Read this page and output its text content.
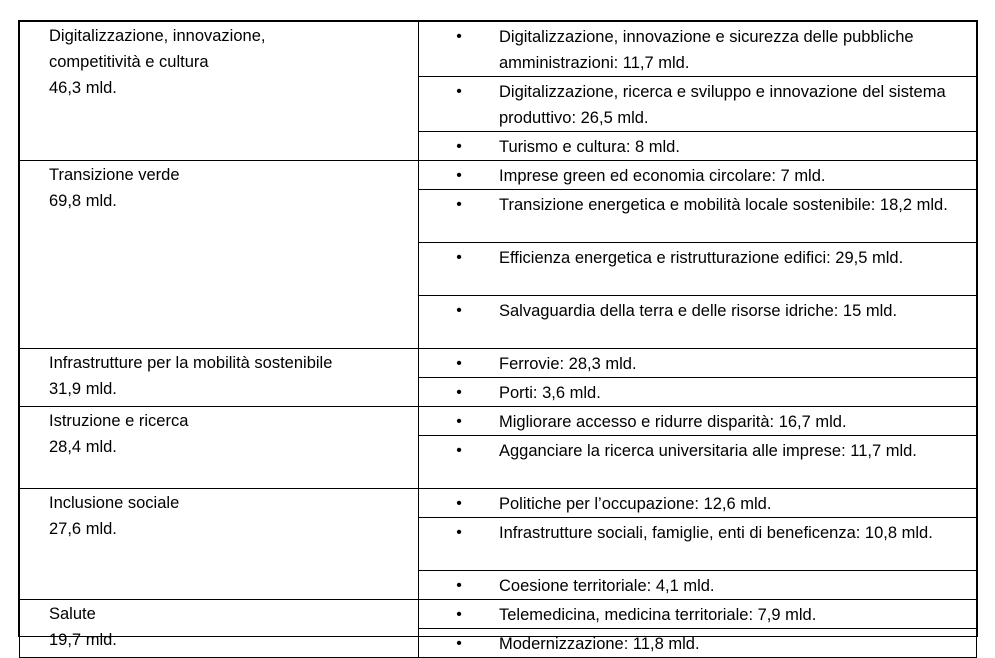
Digitalizzazione, innovazione,
competitività e cultura
46,3 mld.	• Digitalizzazione, innovazione e sicurezza delle pubbliche amministrazioni: 11,7 mld.

	• Digitalizzazione, ricerca e sviluppo e innovazione del sistema produttivo: 26,5 mld.

	• Turismo e cultura: 8 mld.

Transizione verde
69,8 mld.	• Imprese green ed economia circolare: 7 mld.

	• Transizione energetica e mobilità locale sostenibile: 18,2 mld.

	• Efficienza energetica e ristrutturazione edifici: 29,5 mld.

	• Salvaguardia della terra e delle risorse idriche: 15 mld.

Infrastrutture per la mobilità sostenibile
31,9 mld.	• Ferrovie: 28,3 mld.

	• Porti: 3,6 mld.

Istruzione e ricerca
28,4 mld.	• Migliorare accesso e ridurre disparità: 16,7 mld.

	• Agganciare la ricerca universitaria alle imprese: 11,7 mld.

Inclusione sociale
27,6 mld.	• Politiche per l’occupazione: 12,6 mld.

	• Infrastrutture sociali, famiglie, enti di beneficenza: 10,8 mld.

	• Coesione territoriale: 4,1 mld.

Salute
19,7 mld.	• Telemedicina, medicina territoriale: 7,9 mld.

	• Modernizzazione: 11,8 mld.
